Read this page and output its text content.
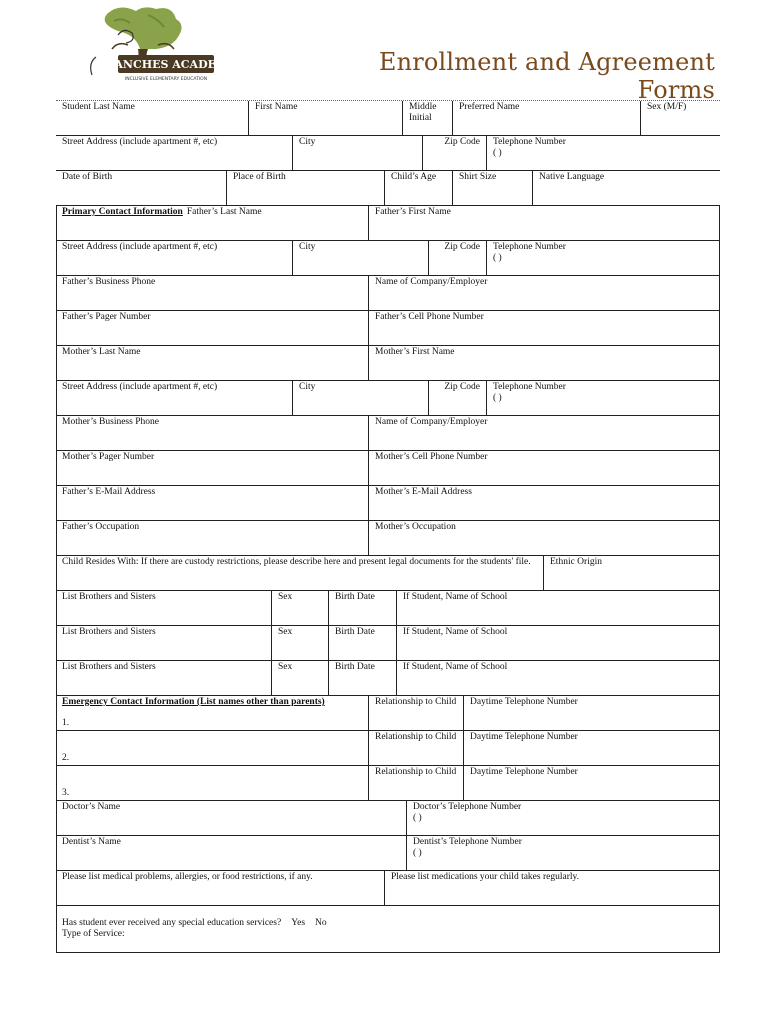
BRANCHES ACADEMY
INCLUSIVE ELEMENTARY EDUCATION
Enrollment and Agreement Forms
Student Last Name	First Name	Middle
Initial
Preferred Name	Sex (M/F)
Street Address (include apartment #, etc)	City	Zip Code	Telephone Number
( )
Date of Birth	Place of Birth	Child’s Age	Shirt Size	Native Language
Primary Contact Information Father’s Last Name	Father’s First Name
Street Address (include apartment #, etc)	City	Zip Code	Telephone Number
( )
Father’s Business Phone	Name of Company/Employer
Father’s Pager Number	Father’s Cell Phone Number
Mother’s Last Name	Mother’s First Name
Street Address (include apartment #, etc)	City	Zip Code	Telephone Number
( )
Mother’s Business Phone	Name of Company/Employer
Mother’s Pager Number	Mother’s Cell Phone Number
Father’s E-Mail Address	Mother’s E-Mail Address
Father’s Occupation	Mother’s Occupation
Child Resides With: If there are custody restrictions, please describe here and present legal documents for the students' file.	Ethnic Origin
List Brothers and Sisters	Sex	Birth Date	If Student, Name of School
List Brothers and Sisters	Sex	Birth Date	If Student, Name of School
List Brothers and Sisters	Sex	Birth Date	If Student, Name of School
Emergency Contact Information (List names other than parents)
1.
Relationship to Child	Daytime Telephone Number
2.
Relationship to Child	Daytime Telephone Number
3.
Relationship to Child	Daytime Telephone Number
Doctor’s Name	Doctor’s Telephone Number
( )
Dentist’s Name	Dentist’s Telephone Number
( )
Please list medical problems, allergies, or food restrictions, if any.	Please list medications your child takes regularly.
Has student ever received any special education services? Yes No
Type of Service:
